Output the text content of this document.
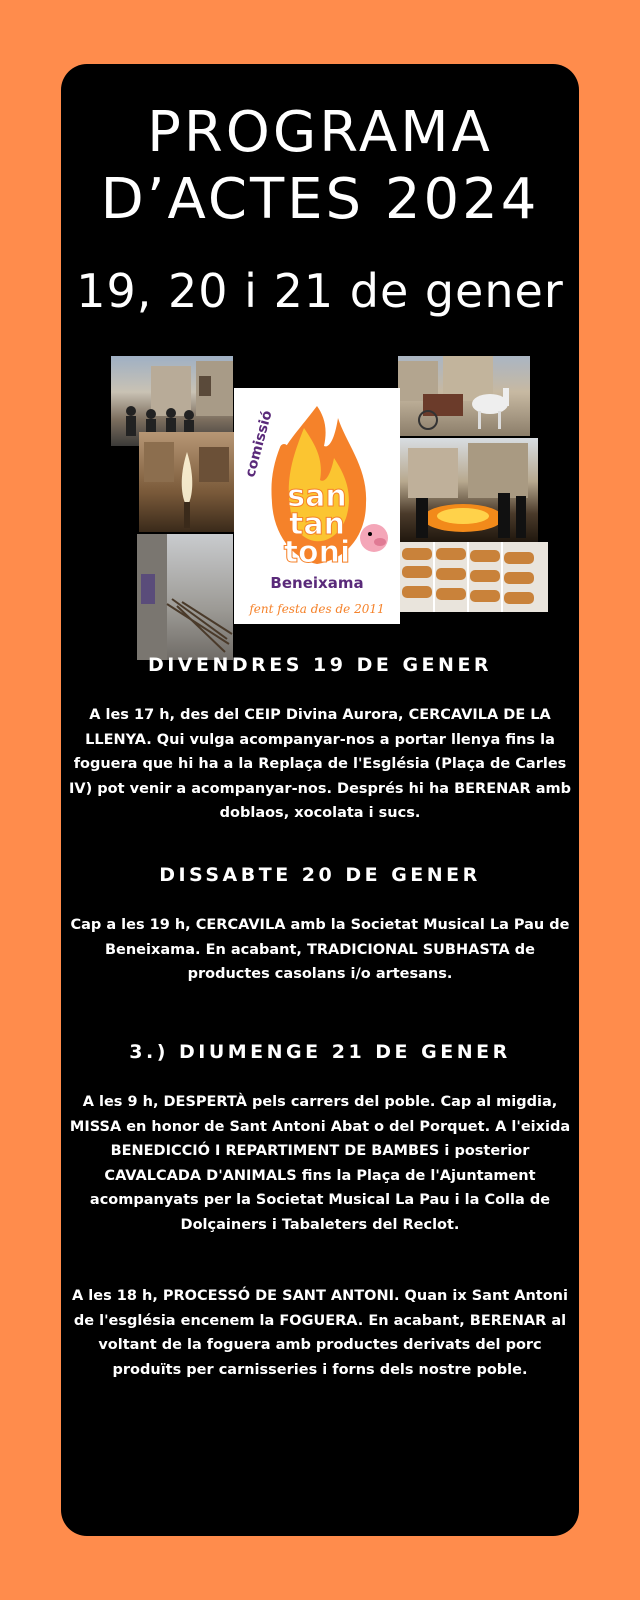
PROGRAMA
D’ACTES 2024
19, 20 i 21 de gener
comissió
san
tan
toni
Beneixama
fent festa des de 2011
DIVENDRES 19 DE GENER
A les 17 h, des del CEIP Divina Aurora, CERCAVILA DE LA LLENYA. Qui vulga acompanyar-nos a portar llenya fins la foguera que hi ha a la Replaça de l'Església (Plaça de Carles IV) pot venir a acompanyar-nos. Després hi ha BERENAR amb doblaos, xocolata i sucs.
DISSABTE 20 DE GENER
Cap a les 19 h, CERCAVILA amb la Societat Musical La Pau de Beneixama. En acabant, TRADICIONAL SUBHASTA de productes casolans i/o artesans.
3.) DIUMENGE 21 DE GENER
A les 9 h, DESPERTÀ pels carrers del poble. Cap al migdia, MISSA en honor de Sant Antoni Abat o del Porquet. A l'eixida BENEDICCIÓ I REPARTIMENT DE BAMBES i posterior CAVALCADA D'ANIMALS fins la Plaça de l'Ajuntament acompanyats per la Societat Musical La Pau i la Colla de Dolçainers i Tabaleters del Reclot.
A les 18 h, PROCESSÓ DE SANT ANTONI. Quan ix Sant Antoni de l'església encenem la FOGUERA. En acabant, BERENAR al voltant de la foguera amb productes derivats del porc produïts per carnisseries i forns dels nostre poble.
